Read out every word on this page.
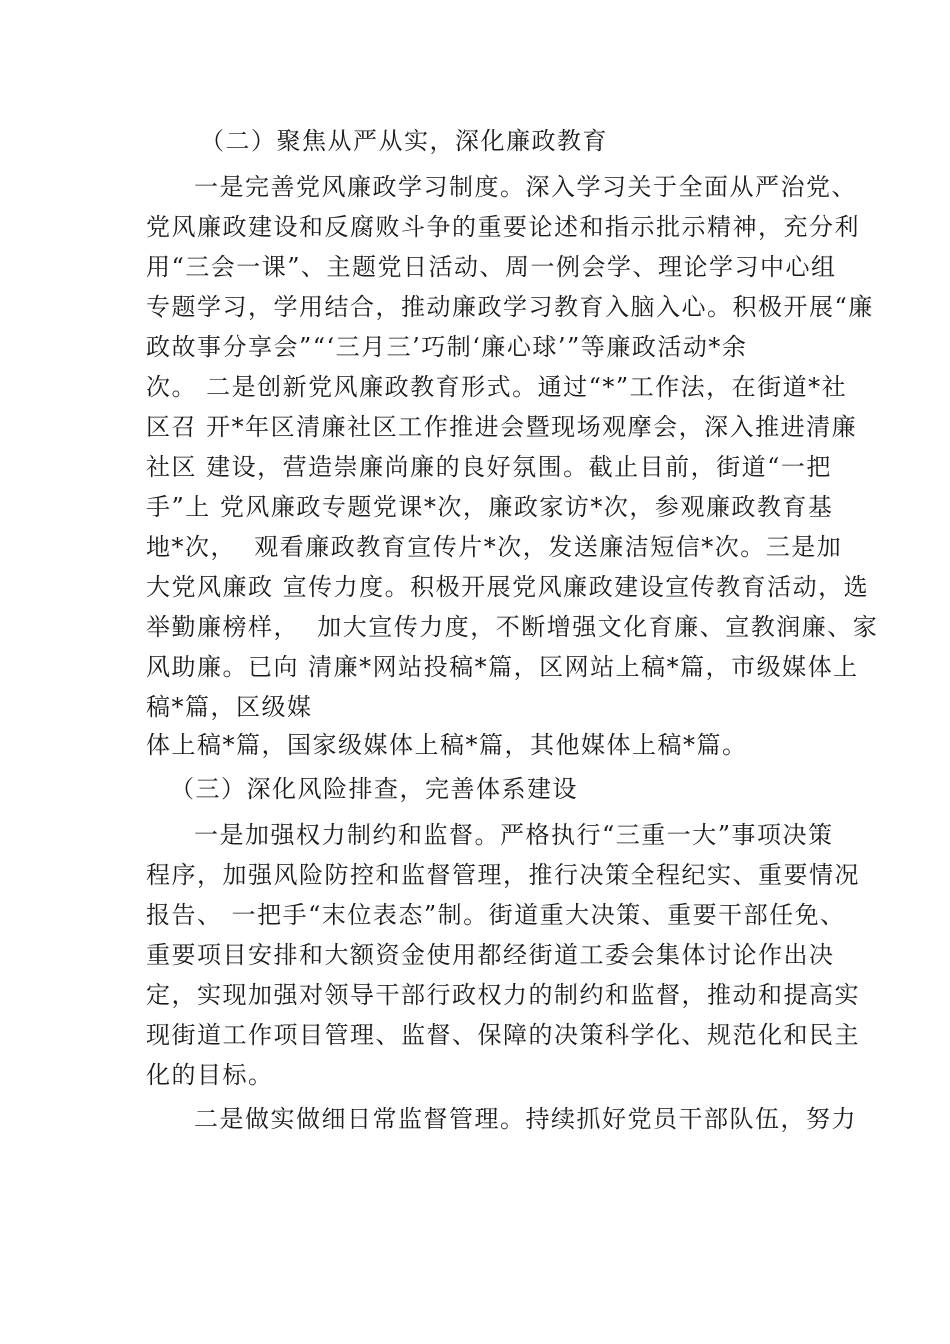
（二）聚焦从严从实，深化廉政教育
一是完善党风廉政学习制度。深入学习关于全面从严治党、
党风廉政建设和反腐败斗争的重要论述和指示批示精神，充分利
用“三会一课”、主题党日活动、周一例会学、理论学习中心组
专题学习，学用结合，推动廉政学习教育入脑入心。积极开展“廉
政故事分享会”“‘三月三’巧制‘廉心球’”等廉政活动*余
次。 二是创新党风廉政教育形式。通过“*”工作法，在街道*社
区召 开*年区清廉社区工作推进会暨现场观摩会，深入推进清廉
社区 建设，营造崇廉尚廉的良好氛围。截止目前，街道“一把
手”上 党风廉政专题党课*次，廉政家访*次，参观廉政教育基
地*次，  观看廉政教育宣传片*次，发送廉洁短信*次。三是加
大党风廉政 宣传力度。积极开展党风廉政建设宣传教育活动，选
举勤廉榜样，  加大宣传力度，不断增强文化育廉、宣教润廉、家
风助廉。已向 清廉*网站投稿*篇，区网站上稿*篇，市级媒体上
稿*篇，区级媒
体上稿*篇，国家级媒体上稿*篇，其他媒体上稿*篇。
（三）深化风险排查，完善体系建设
一是加强权力制约和监督。严格执行“三重一大”事项决策
程序，加强风险防控和监督管理，推行决策全程纪实、重要情况
报告、 一把手“末位表态”制。街道重大决策、重要干部任免、
重要项目安排和大额资金使用都经街道工委会集体讨论作出决
定，实现加强对领导干部行政权力的制约和监督，推动和提高实
现街道工作项目管理、监督、保障的决策科学化、规范化和民主
化的目标。
二是做实做细日常监督管理。持续抓好党员干部队伍，努力
